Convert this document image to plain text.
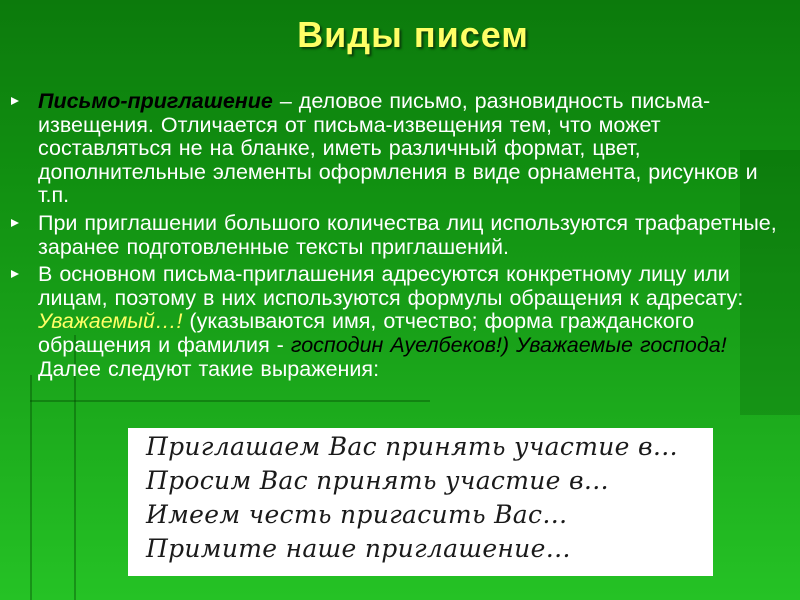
Виды писем
Письмо-приглашение – деловое письмо, разновидность письма-извещения. Отличается от письма-извещения тем, что может составляться не на бланке, иметь различный формат, цвет, дополнительные элементы оформления в виде орнамента, рисунков и т.п.
При приглашении большого количества лиц используются трафаретные, заранее подготовленные тексты приглашений.
В основном письма-приглашения адресуются конкретному лицу или лицам, поэтому в них используются формулы обращения к адресату: Уважаемый…! (указываются имя, отчество; форма гражданского обращения и фамилия - господин Ауелбеков!) Уважаемые господа! Далее следуют такие выражения:
Приглашаем Вас принять участие в…
Просим Вас принять участие в…
Имеем честь пригасить Вас…
Примите наше приглашение…
